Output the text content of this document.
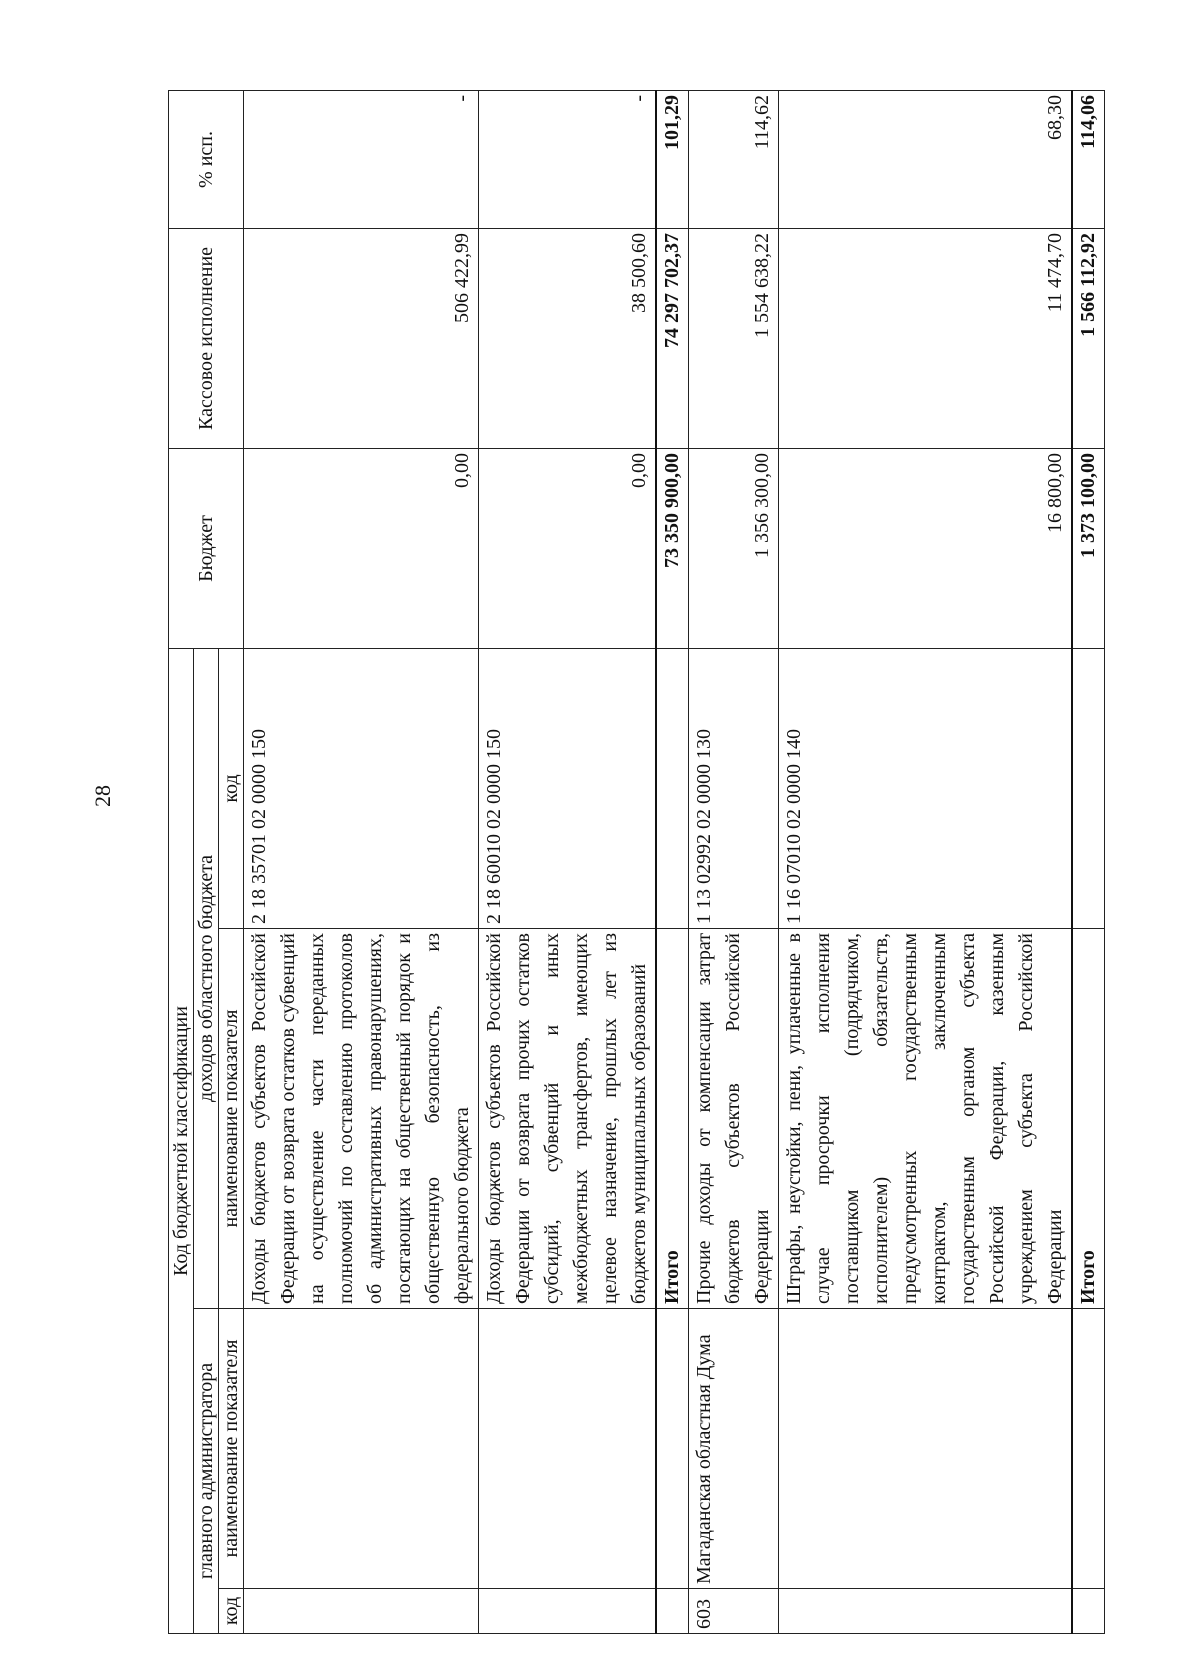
28
Код бюджетной классификации				Бюджет	Кассовое исполнение	% исп.
главного администратора		доходов областного бюджета				
код	наименование показателя	наименование показателя	код			
		Доходы бюджетов субъектов Российской Федерации от возврата остатков субвенций на осуществление части переданных полномочий по составлению протоколов об административных правонарушениях, посягающих на общественный порядок и общественную безопасность, из федерального бюджета	2 18 35701 02 0000 150	0,00	506 422,99	-
		Доходы бюджетов субъектов Российской Федерации от возврата прочих остатков субсидий, субвенций и иных межбюджетных трансфертов, имеющих целевое назначение, прошлых лет из бюджетов муниципальных образований	2 18 60010 02 0000 150	0,00	38 500,60	-
		Итого		73 350 900,00	74 297 702,37	101,29
603	Магаданская областная Дума	Прочие доходы от компенсации затрат бюджетов субъектов Российской Федерации	1 13 02992 02 0000 130	1 356 300,00	1 554 638,22	114,62
		Штрафы, неустойки, пени, уплаченные в случае просрочки исполнения поставщиком (подрядчиком, исполнителем) обязательств, предусмотренных государственным контрактом, заключенным государственным органом субъекта Российской Федерации, казенным учреждением субъекта Российской Федерации	1 16 07010 02 0000 140	16 800,00	11 474,70	68,30
		Итого		1 373 100,00	1 566 112,92	114,06
